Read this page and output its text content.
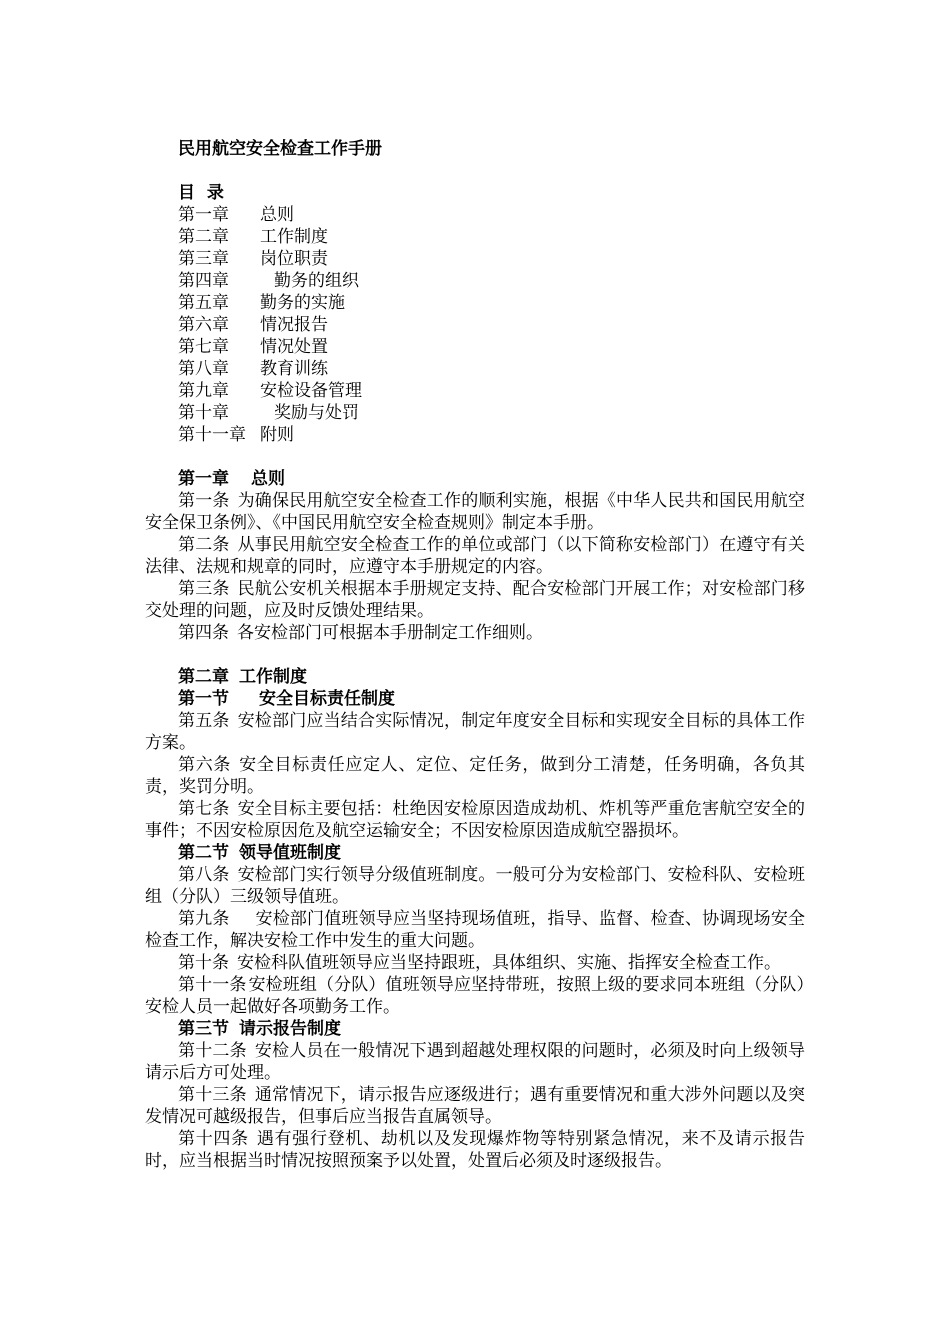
民用航空安全检查工作手册
目  录
第一章	总则
第二章	工作制度
第三章	岗位职责
第四章	勤务的组织
第五章	勤务的实施
第六章	情况报告
第七章	情况处置
第八章	教育训练
第九章	安检设备管理
第十章	奖励与处罚
第十一章 附则
第一章 总则
第一条 为确保民用航空安全检查工作的顺利实施，根据《中华人民共和国民用航空安全保卫条例》、《中国民用航空安全检查规则》制定本手册。
第二条 从事民用航空安全检查工作的单位或部门（以下简称安检部门）在遵守有关法律、法规和规章的同时，应遵守本手册规定的内容。
第三条 民航公安机关根据本手册规定支持、配合安检部门开展工作；对安检部门移交处理的问题，应及时反馈处理结果。
第四条 各安检部门可根据本手册制定工作细则。
第二章 工作制度
第一节 安全目标责任制度
第五条 安检部门应当结合实际情况，制定年度安全目标和实现安全目标的具体工作方案。
第六条 安全目标责任应定人、定位、定任务，做到分工清楚，任务明确，各负其责，奖罚分明。
第七条 安全目标主要包括：杜绝因安检原因造成劫机、炸机等严重危害航空安全的事件；不因安检原因危及航空运输安全；不因安检原因造成航空器损坏。
第二节 领导值班制度
第八条 安检部门实行领导分级值班制度。一般可分为安检部门、安检科队、安检班组（分队）三级领导值班。
第九条 安检部门值班领导应当坚持现场值班，指导、监督、检查、协调现场安全检查工作，解决安检工作中发生的重大问题。
第十条 安检科队值班领导应当坚持跟班，具体组织、实施、指挥安全检查工作。
第十一条 安检班组（分队）值班领导应坚持带班，按照上级的要求同本班组（分队）安检人员一起做好各项勤务工作。
第三节 请示报告制度
第十二条 安检人员在一般情况下遇到超越处理权限的问题时，必须及时向上级领导请示后方可处理。
第十三条 通常情况下，请示报告应逐级进行；遇有重要情况和重大涉外问题以及突发情况可越级报告，但事后应当报告直属领导。
第十四条 遇有强行登机、劫机以及发现爆炸物等特别紧急情况，来不及请示报告时，应当根据当时情况按照预案予以处置，处置后必须及时逐级报告。
